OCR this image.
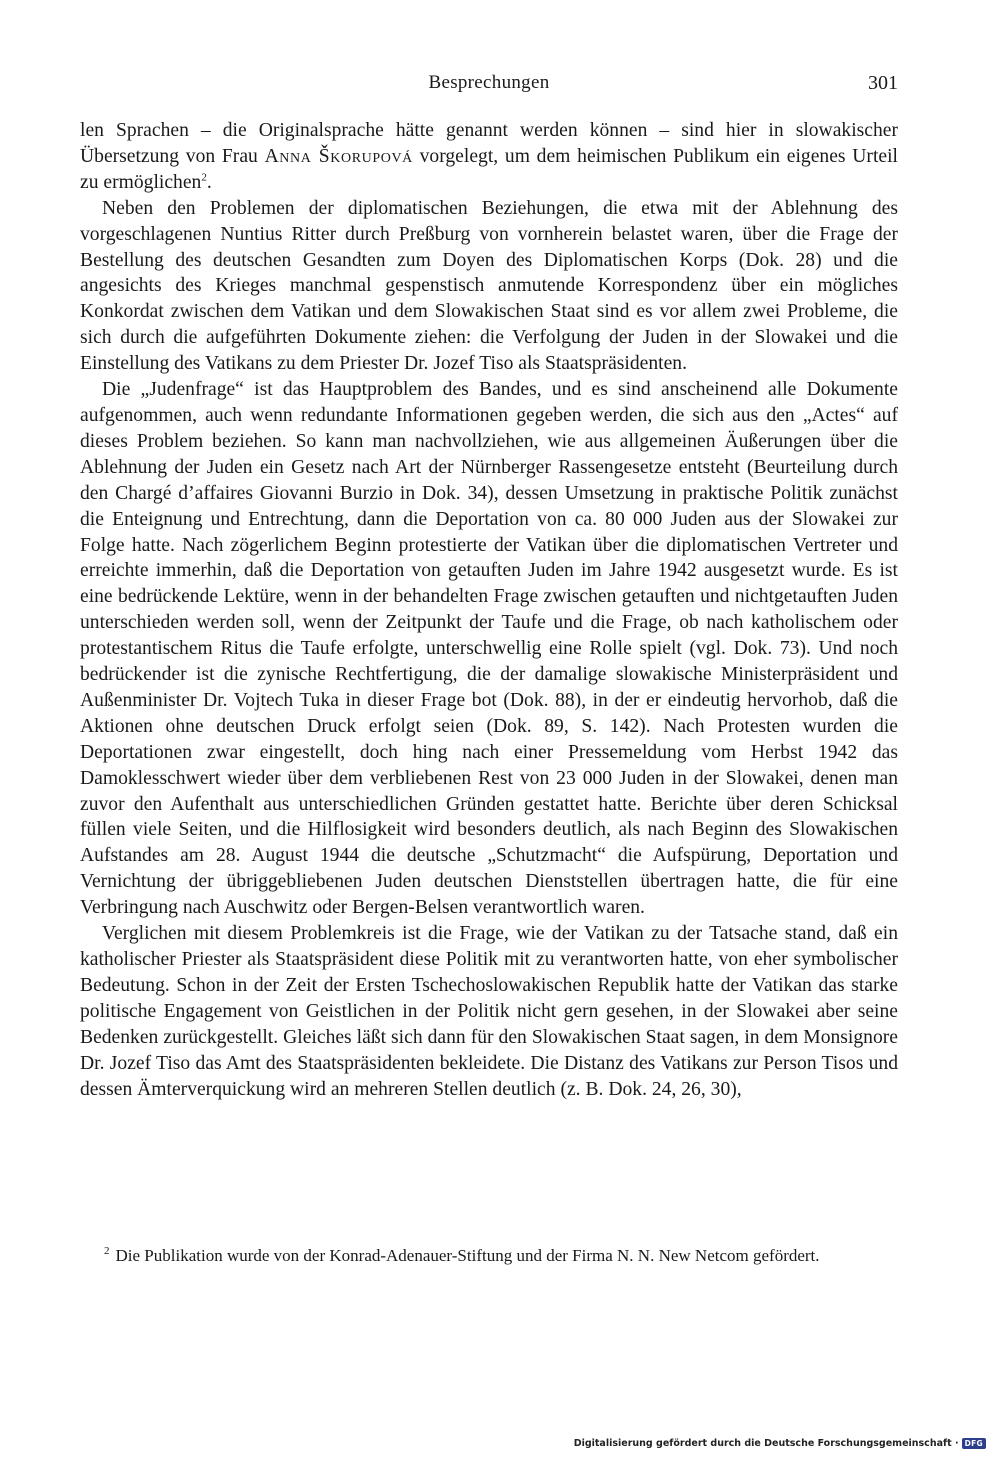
Besprechungen	301

len Sprachen – die Originalsprache hätte genannt werden können – sind hier in slowakischer Übersetzung von Frau Anna Škorupová vorgelegt, um dem heimischen Publikum ein eigenes Urteil zu ermöglichen$^2$.

Neben den Problemen der diplomatischen Beziehungen, die etwa mit der Ablehnung des vorgeschlagenen Nuntius Ritter durch Preßburg von vornherein belastet waren, über die Frage der Bestellung des deutschen Gesandten zum Doyen des Diplomatischen Korps (Dok. 28) und die angesichts des Krieges manchmal gespenstisch anmutende Korrespondenz über ein mögliches Konkordat zwischen dem Vatikan und dem Slowakischen Staat sind es vor allem zwei Probleme, die sich durch die aufgeführten Dokumente ziehen: die Verfolgung der Juden in der Slowakei und die Einstellung des Vatikans zu dem Priester Dr. Jozef Tiso als Staatspräsidenten.

Die „Judenfrage“ ist das Hauptproblem des Bandes, und es sind anscheinend alle Dokumente aufgenommen, auch wenn redundante Informationen gegeben werden, die sich aus den „Actes“ auf dieses Problem beziehen. So kann man nachvollziehen, wie aus allgemeinen Äußerungen über die Ablehnung der Juden ein Gesetz nach Art der Nürnberger Rassengesetze entsteht (Beurteilung durch den Chargé d’affaires Giovanni Burzio in Dok. 34), dessen Umsetzung in praktische Politik zunächst die Enteignung und Entrechtung, dann die Deportation von ca. 80 000 Juden aus der Slowakei zur Folge hatte. Nach zögerlichem Beginn protestierte der Vatikan über die diplomatischen Vertreter und erreichte immerhin, daß die Deportation von getauften Juden im Jahre 1942 ausgesetzt wurde. Es ist eine bedrückende Lektüre, wenn in der behandelten Frage zwischen getauften und nichtgetauften Juden unterschieden werden soll, wenn der Zeitpunkt der Taufe und die Frage, ob nach katholischem oder protestantischem Ritus die Taufe erfolgte, unterschwellig eine Rolle spielt (vgl. Dok. 73). Und noch bedrückender ist die zynische Rechtfertigung, die der damalige slowakische Ministerpräsident und Außenminister Dr. Vojtech Tuka in dieser Frage bot (Dok. 88), in der er eindeutig hervorhob, daß die Aktionen ohne deutschen Druck erfolgt seien (Dok. 89, S. 142). Nach Protesten wurden die Deportationen zwar eingestellt, doch hing nach einer Pressemeldung vom Herbst 1942 das Damoklesschwert wieder über dem verbliebenen Rest von 23 000 Juden in der Slowakei, denen man zuvor den Aufenthalt aus unterschiedlichen Gründen gestattet hatte. Berichte über deren Schicksal füllen viele Seiten, und die Hilflosigkeit wird besonders deutlich, als nach Beginn des Slowakischen Aufstandes am 28. August 1944 die deutsche „Schutzmacht“ die Aufspürung, Deportation und Vernichtung der übriggebliebenen Juden deutschen Dienststellen übertragen hatte, die für eine Verbringung nach Auschwitz oder Bergen-Belsen verantwortlich waren.

Verglichen mit diesem Problemkreis ist die Frage, wie der Vatikan zu der Tatsache stand, daß ein katholischer Priester als Staatspräsident diese Politik mit zu verantworten hatte, von eher symbolischer Bedeutung. Schon in der Zeit der Ersten Tschechoslowakischen Republik hatte der Vatikan das starke politische Engagement von Geistlichen in der Politik nicht gern gesehen, in der Slowakei aber seine Bedenken zurückgestellt. Gleiches läßt sich dann für den Slowakischen Staat sagen, in dem Monsignore Dr. Jozef Tiso das Amt des Staatspräsidenten bekleidete. Die Distanz des Vatikans zur Person Tisos und dessen Ämterverquickung wird an mehreren Stellen deutlich (z. B. Dok. 24, 26, 30),

$^2$ Die Publikation wurde von der Konrad-Adenauer-Stiftung und der Firma N. N. New Netcom gefördert.
Digitalisierung gefördert durch die Deutsche Forschungsgemeinschaft · DFG
